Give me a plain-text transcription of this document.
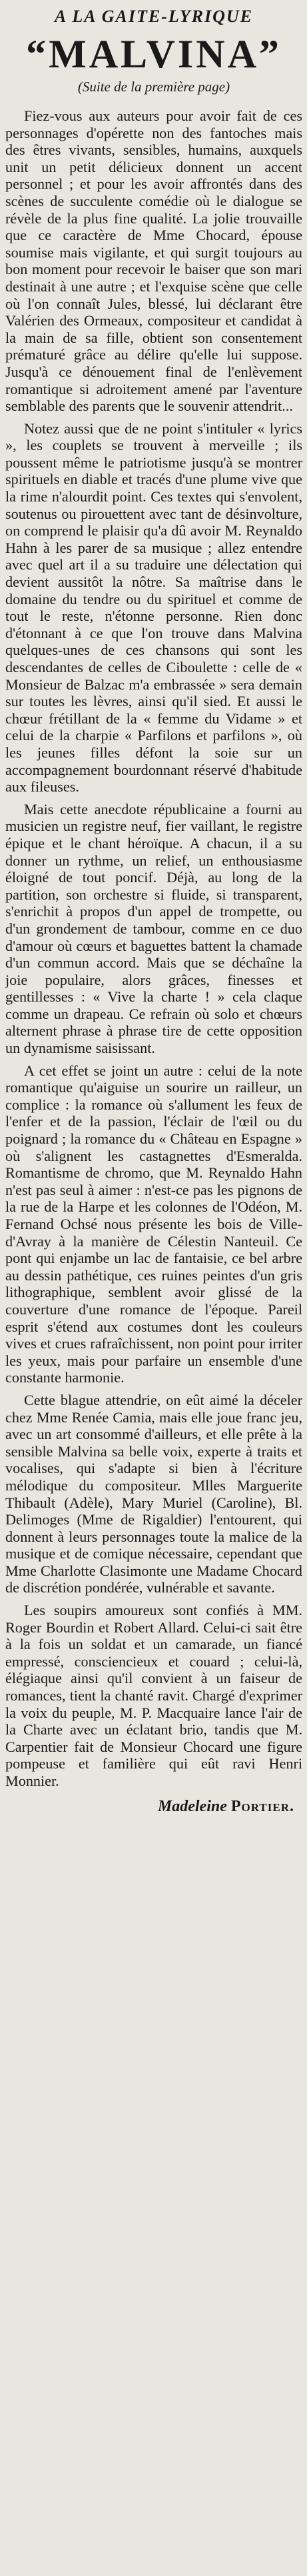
A LA GAITE-LYRIQUE
“MALVINA”
(Suite de la première page)

Fiez-vous aux auteurs pour avoir fait de ces personnages d'opérette non des fantoches mais des êtres vivants, sensibles, humains, auxquels unit un petit délicieux donnent un accent personnel ; et pour les avoir affrontés dans des scènes de succulente comédie où le dialogue se révèle de la plus fine qualité. La jolie trouvaille que ce caractère de Mme Chocard, épouse soumise mais vigilante, et qui surgit toujours au bon moment pour recevoir le baiser que son mari destinait à une autre ; et l'exquise scène que celle où l'on connaît Jules, blessé, lui déclarant être Valérien des Ormeaux, compositeur et candidat à la main de sa fille, obtient son consentement prématuré grâce au délire qu'elle lui suppose. Jusqu'à ce dénouement final de l'enlèvement romantique si adroitement amené par l'aventure semblable des parents que le souvenir attendrit...

Notez aussi que de ne point s'intituler « lyrics », les couplets se trouvent à merveille ; ils poussent même le patriotisme jusqu'à se montrer spirituels en diable et tracés d'une plume vive que la rime n'alourdit point. Ces textes qui s'envolent, soutenus ou pirouettent avec tant de désinvolture, on comprend le plaisir qu'a dû avoir M. Reynaldo Hahn à les parer de sa musique ; allez entendre avec quel art il a su traduire une délectation qui devient aussitôt la nôtre. Sa maîtrise dans le domaine du tendre ou du spirituel et comme de tout le reste, n'étonne personne. Rien donc d'étonnant à ce que l'on trouve dans Malvina quelques-unes de ces chansons qui sont les descendantes de celles de Ciboulette : celle de « Monsieur de Balzac m'a embrassée » sera demain sur toutes les lèvres, ainsi qu'il sied. Et aussi le chœur frétillant de la « femme du Vidame » et celui de la charpie « Parfilons et parfilons », où les jeunes filles défont la soie sur un accompagnement bourdonnant réservé d'habitude aux fileuses.

Mais cette anecdote républicaine a fourni au musicien un registre neuf, fier vaillant, le registre épique et le chant héroïque. A chacun, il a su donner un rythme, un relief, un enthousiasme éloigné de tout poncif. Déjà, au long de la partition, son orchestre si fluide, si transparent, s'enrichit à propos d'un appel de trompette, ou d'un grondement de tambour, comme en ce duo d'amour où cœurs et baguettes battent la chamade d'un commun accord. Mais que se déchaîne la joie populaire, alors grâces, finesses et gentillesses : « Vive la charte ! » cela claque comme un drapeau. Ce refrain où solo et chœurs alternent phrase à phrase tire de cette opposition un dynamisme saisissant.

A cet effet se joint un autre : celui de la note romantique qu'aiguise un sourire un railleur, un complice : la romance où s'allument les feux de l'enfer et de la passion, l'éclair de l'œil ou du poignard ; la romance du « Château en Espagne » où s'alignent les castagnettes d'Esmeralda. Romantisme de chromo, que M. Reynaldo Hahn n'est pas seul à aimer : n'est-ce pas les pignons de la rue de la Harpe et les colonnes de l'Odéon, M. Fernand Ochsé nous présente les bois de Ville-d'Avray à la manière de Célestin Nanteuil. Ce pont qui enjambe un lac de fantaisie, ce bel arbre au dessin pathétique, ces ruines peintes d'un gris lithographique, semblent avoir glissé de la couverture d'une romance de l'époque. Pareil esprit s'étend aux costumes dont les couleurs vives et crues rafraîchissent, non point pour irriter les yeux, mais pour parfaire un ensemble d'une constante harmonie.

Cette blague attendrie, on eût aimé la déceler chez Mme Renée Camia, mais elle joue franc jeu, avec un art consommé d'ailleurs, et elle prête à la sensible Malvina sa belle voix, experte à traits et vocalises, qui s'adapte si bien à l'écriture mélodique du compositeur. Mlles Marguerite Thibault (Adèle), Mary Muriel (Caroline), Bl. Delimoges (Mme de Rigaldier) l'entourent, qui donnent à leurs personnages toute la malice de la musique et de comique nécessaire, cependant que Mme Charlotte Clasimonte une Madame Chocard de discrétion pondérée, vulnérable et savante.

Les soupirs amoureux sont confiés à MM. Roger Bourdin et Robert Allard. Celui-ci sait être à la fois un soldat et un camarade, un fiancé empressé, consciencieux et couard ; celui-là, élégiaque ainsi qu'il convient à un faiseur de romances, tient la chanté ravit. Chargé d'exprimer la voix du peuple, M. P. Macquaire lance l'air de la Charte avec un éclatant brio, tandis que M. Carpentier fait de Monsieur Chocard une figure pompeuse et familière qui eût ravi Henri Monnier.

Madeleine Portier.
